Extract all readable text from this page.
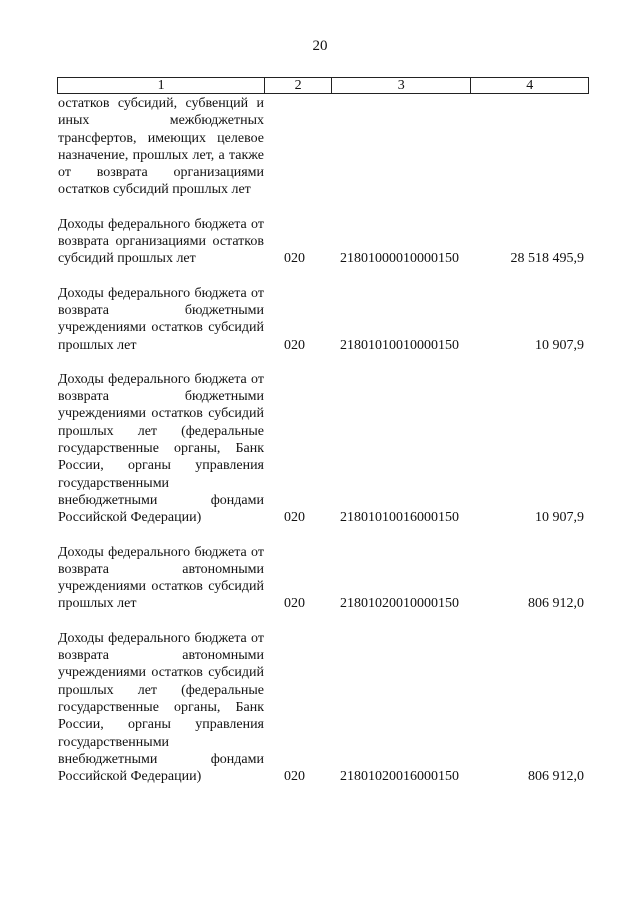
20
1	2	3	4
остатков субсидий, субвенций и иных межбюджетных трансфертов, имеющих целевое назначение, прошлых лет, а также от возврата организациями остатков субсидий прошлых лет
Доходы федерального бюджета от возврата организациями остатков субсидий прошлых лет	020	21801000010000150	28 518 495,9
Доходы федерального бюджета от возврата бюджетными учреждениями остатков субсидий прошлых лет	020	21801010010000150	10 907,9
Доходы федерального бюджета от возврата бюджетными учреждениями остатков субсидий прошлых лет (федеральные государственные органы, Банк России, органы управления государственными внебюджетными фондами Российской Федерации)	020	21801010016000150	10 907,9
Доходы федерального бюджета от возврата автономными учреждениями остатков субсидий прошлых лет	020	21801020010000150	806 912,0
Доходы федерального бюджета от возврата автономными учреждениями остатков субсидий прошлых лет (федеральные государственные органы, Банк России, органы управления государственными внебюджетными фондами Российской Федерации)	020	21801020016000150	806 912,0
